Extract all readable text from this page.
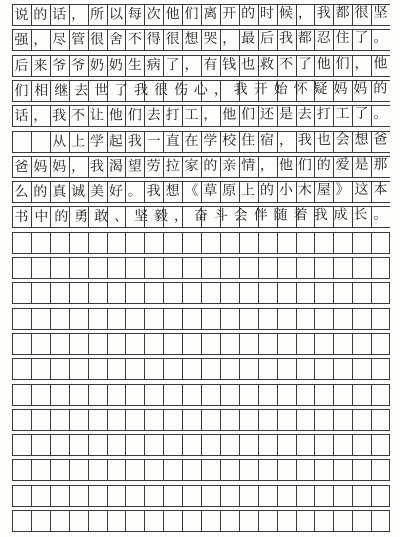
说 的 话 ， 所 以 每 次 他 们 离 开 的 时 候 ， 我 都 很 坚
强 ， 尽 管 很 舍 不 得 很 想 哭 ， 最 后 我 都 忍 住 了 。
后 来 爷 爷 奶 奶 生 病 了 ， 有 钱 也 救 不 了 他 们 ， 他
们 相 继 去 世 了 我 很 伤 心 ， 我 开 始 怀 疑 妈 妈 的
话 ， 我 不 让 他 们 去 打 工 ， 他 们 还 是 去 打 工 了 。

从 上 学 起 我 一 直 在 学 校 住 宿 ， 我 也 会 想 爸
爸 妈 妈 ， 我 渴 望 劳 拉 家 的 亲 情 ， 他 们 的 爱 是 那
么 的 真 诚 美 好 。 我 想 《 草 原 上 的 小 木 屋 》 这 本
书 中 的 勇 敢 、 坚 毅 ， 奋 斗 会 伴 随 着 我 成 长 。
